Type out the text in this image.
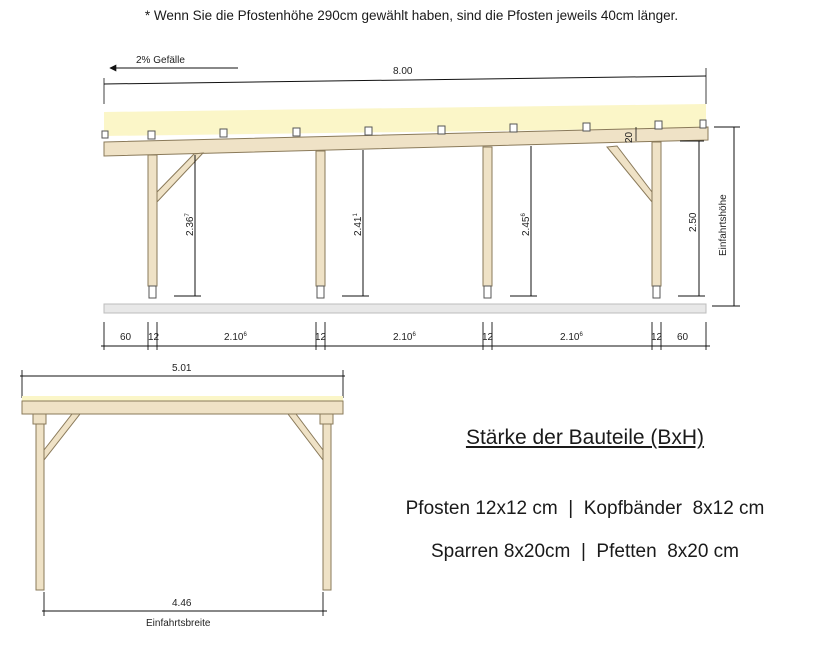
* Wenn Sie die Pfostenhöhe 290cm gewählt haben, sind die Pfosten jeweils 40cm länger.
2% Gefälle
8.00
20
2.36$^7$
2.41$^1$
2.45$^6$	2.50 Einfahrtshöhe
60 12	2.10$^6$	12	2.10$^6$	12	2.10$^6$	12 60
5.01
4.46
Einfahrtsbreite
Stärke der Bauteile (BxH)
Pfosten 12x12 cm  |  Kopfbänder  8x12 cm
Sparren 8x20cm  |  Pfetten  8x20 cm
